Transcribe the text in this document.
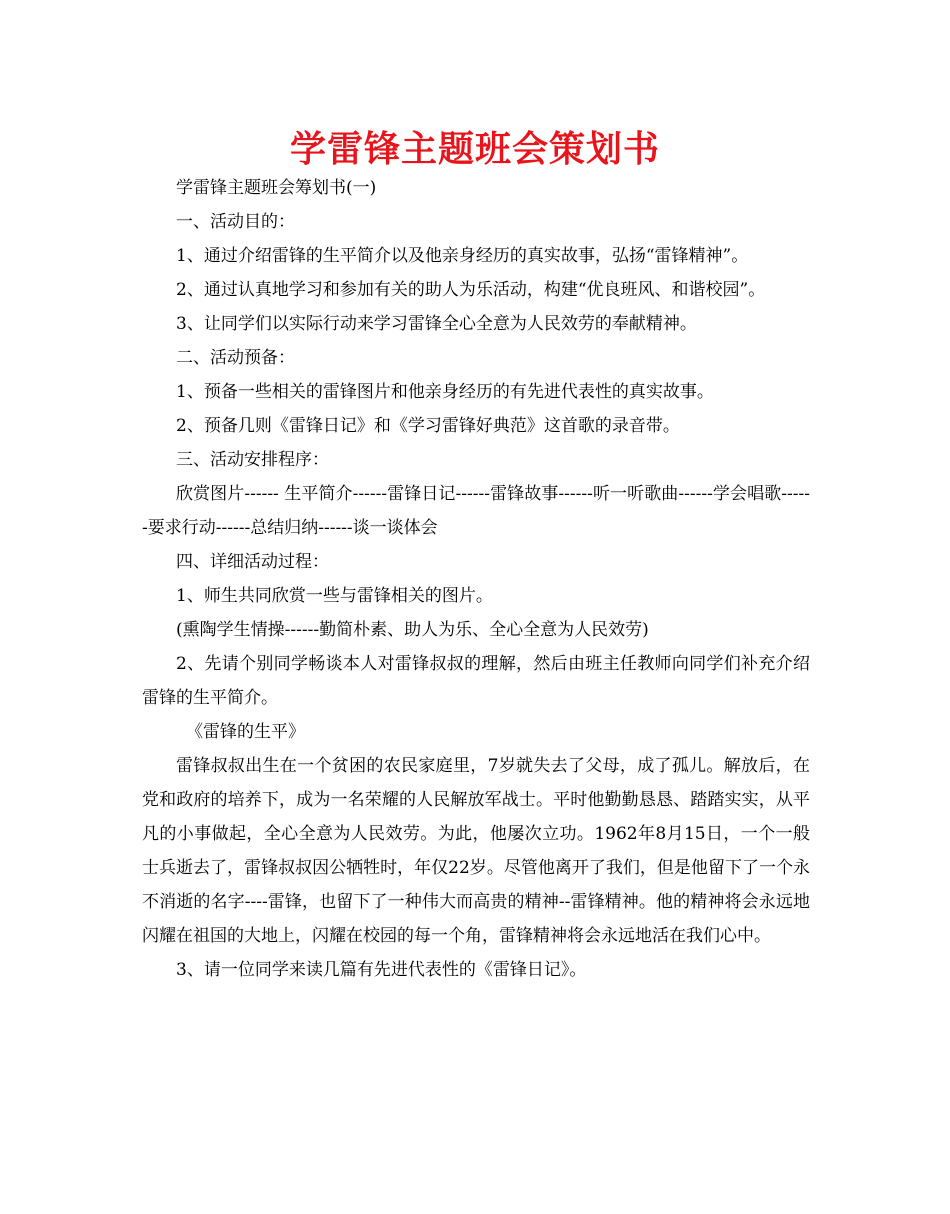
学雷锋主题班会策划书

学雷锋主题班会筹划书(一)

一、活动目的：

1、通过介绍雷锋的生平简介以及他亲身经历的真实故事，弘扬“雷锋精神”。

2、通过认真地学习和参加有关的助人为乐活动，构建“优良班风、和谐校园”。

3、让同学们以实际行动来学习雷锋全心全意为人民效劳的奉献精神。

二、活动预备：

1、预备一些相关的雷锋图片和他亲身经历的有先进代表性的真实故事。

2、预备几则《雷锋日记》和《学习雷锋好典范》这首歌的录音带。

三、活动安排程序：

欣赏图片------ 生平简介------雷锋日记------雷锋故事------听一听歌曲------学会唱歌------要求行动------总结归纳------谈一谈体会

四、详细活动过程：

1、师生共同欣赏一些与雷锋相关的图片。

(熏陶学生情操------勤简朴素、助人为乐、全心全意为人民效劳)

2、先请个别同学畅谈本人对雷锋叔叔的理解，然后由班主任教师向同学们补充介绍雷锋的生平简介。

《雷锋的生平》

雷锋叔叔出生在一个贫困的农民家庭里，7岁就失去了父母，成了孤儿。解放后，在党和政府的培养下，成为一名荣耀的人民解放军战士。平时他勤勤恳恳、踏踏实实，从平凡的小事做起，全心全意为人民效劳。为此，他屡次立功。1962年8月15日，一个一般士兵逝去了，雷锋叔叔因公牺牲时，年仅22岁。尽管他离开了我们，但是他留下了一个永不消逝的名字----雷锋，也留下了一种伟大而高贵的精神--雷锋精神。他的精神将会永远地闪耀在祖国的大地上，闪耀在校园的每一个角，雷锋精神将会永远地活在我们心中。

3、请一位同学来读几篇有先进代表性的《雷锋日记》。
